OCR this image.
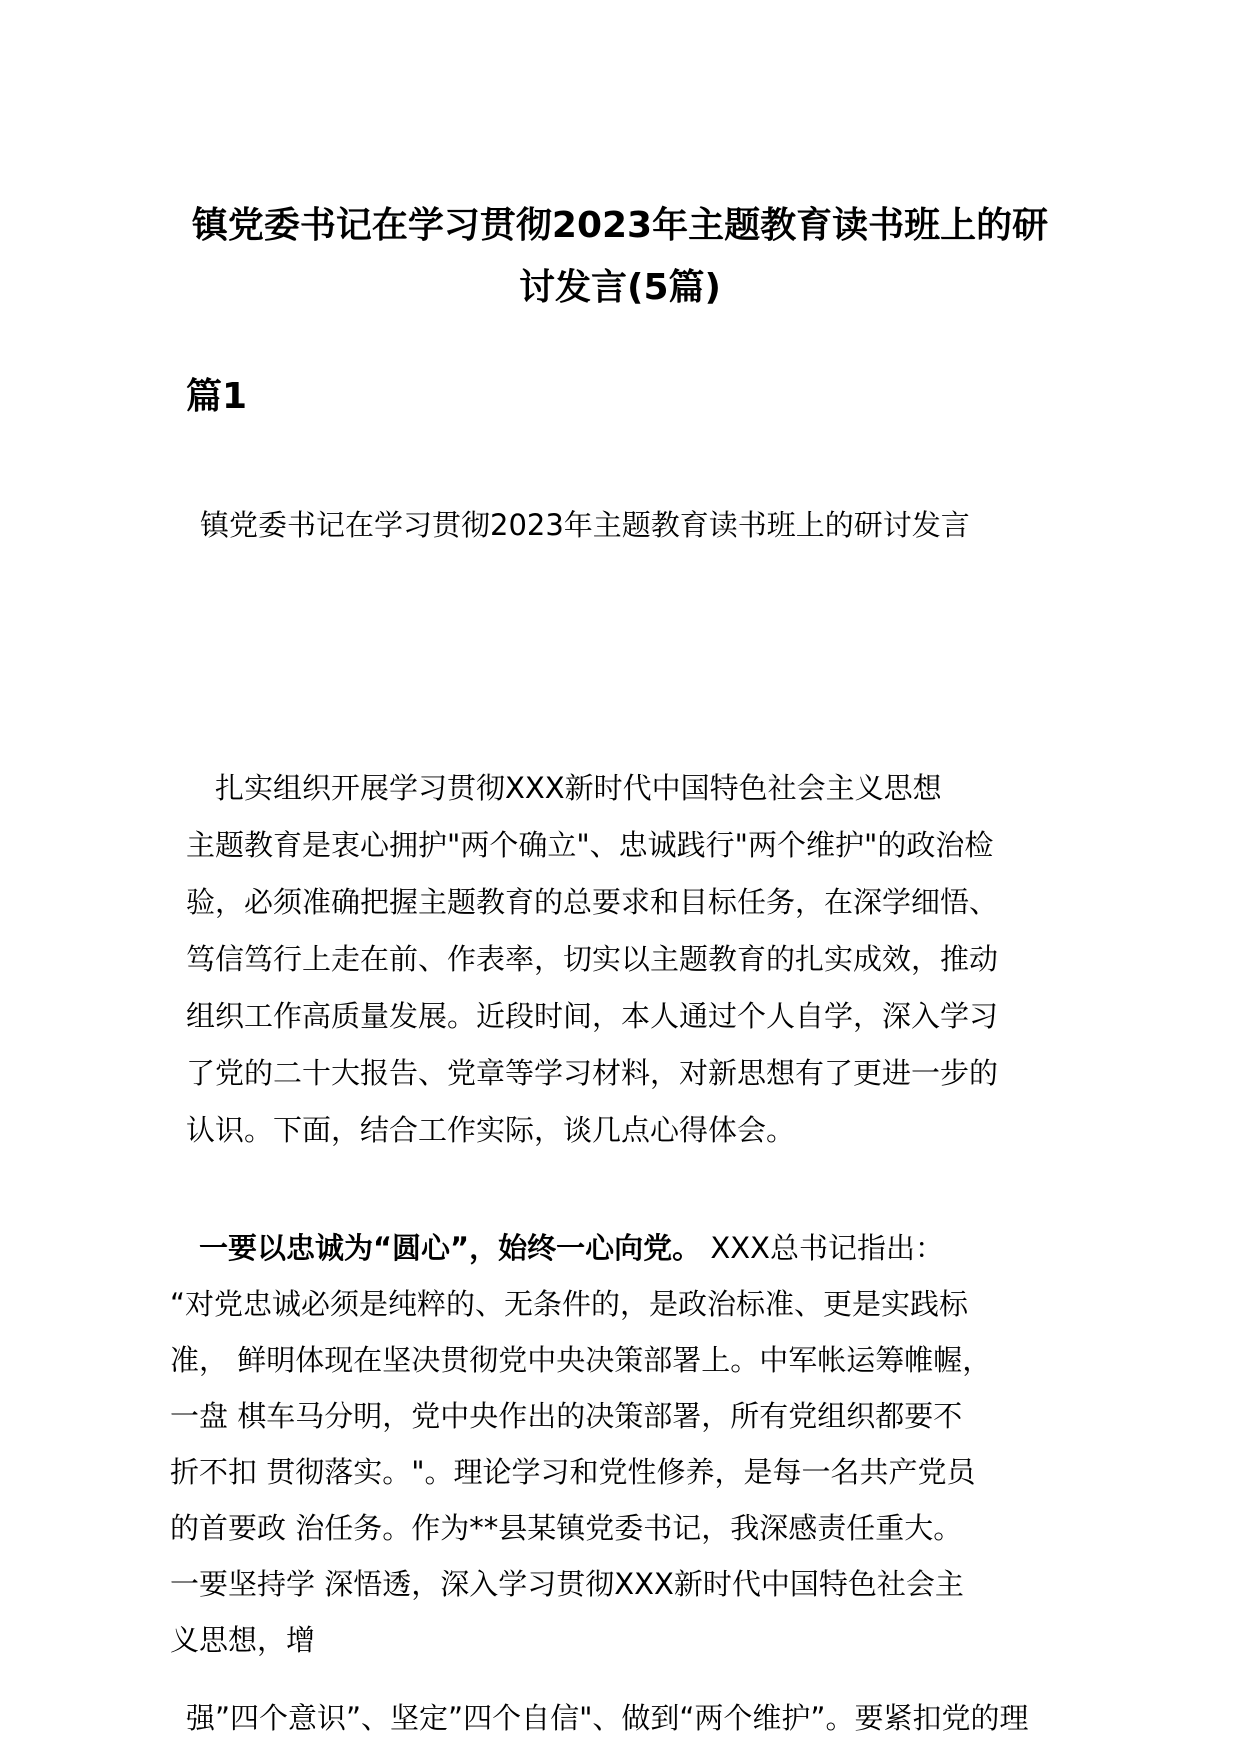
镇党委书记在学习贯彻2023年主题教育读书班上的研
讨发言(5篇)
篇1
镇党委书记在学习贯彻2023年主题教育读书班上的研讨发言
　扎实组织开展学习贯彻XXX新时代中国特色社会主义思想
主题教育是衷心拥护"两个确立"、忠诚践行"两个维护"的政治检
验，必须准确把握主题教育的总要求和目标任务，在深学细悟、
笃信笃行上走在前、作表率，切实以主题教育的扎实成效，推动
组织工作高质量发展。近段时间，本人通过个人自学，深入学习
了党的二十大报告、党章等学习材料，对新思想有了更进一步的
认识。下面，结合工作实际，谈几点心得体会。
　一要以忠诚为“圆心”，始终一心向党。 XXX总书记指出：
“对党忠诚必须是纯粹的、无条件的，是政治标准、更是实践标
准， 鲜明体现在坚决贯彻党中央决策部署上。中军帐运筹帷幄，
一盘 棋车马分明，党中央作出的决策部署，所有党组织都要不
折不扣 贯彻落实。"。理论学习和党性修养，是每一名共产党员
的首要政 治任务。作为**县某镇党委书记，我深感责任重大。
一要坚持学 深悟透，深入学习贯彻XXX新时代中国特色社会主
义思想，增
强”四个意识”、坚定”四个自信"、做到“两个维护”。要紧扣党的理
